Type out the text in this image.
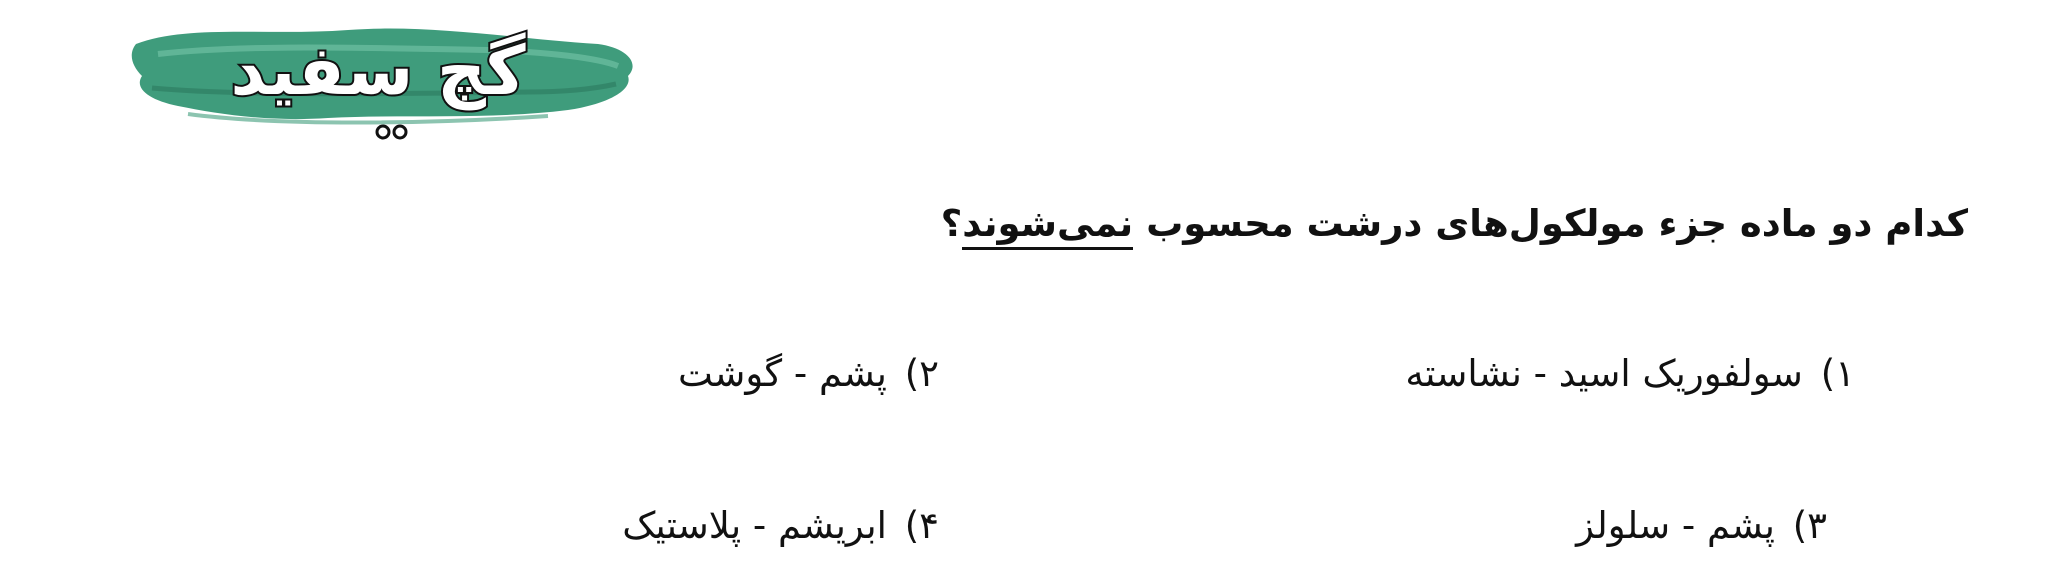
گچ سفید
کدام دو ماده جزء مولکول‌های درشت محسوب نمی‌شوند؟
۱) سولفوریک اسید - نشاسته
۲) پشم - گوشت
۳) پشم - سلولز
۴) ابریشم - پلاستیک
